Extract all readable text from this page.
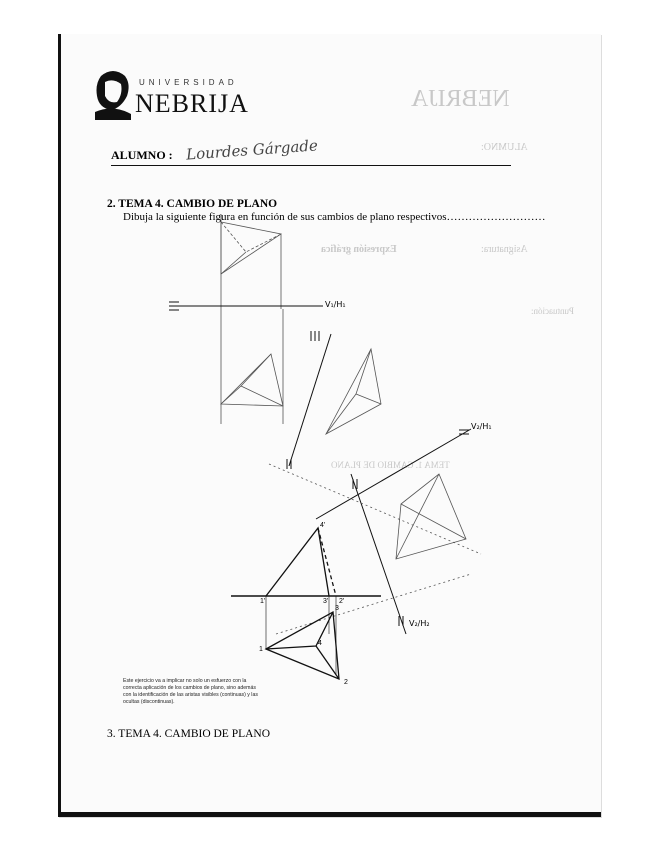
NEBRIJA
ALUMNO:
Asignatura:
Expresión gráfica
Puntuación:
TEMA 1. CAMBIO DE PLANO
UNIVERSIDAD
NEBRIJA
ALUMNO : Lourdes Gárgade
2. TEMA 4. CAMBIO DE PLANO
Dibuja la siguiente figura en función de sus cambios de plano respectivos………………………
V₁/H₁
V₂/H₁
V₂/H₂
1'	3' 2'
4'
1
2
3
4
Este ejercicio va a implicar no solo un esfuerzo con la correcta aplicación de los cambios de plano, sino además con la identificación de las aristas visibles (continuas) y las ocultas (discontinuas).
3. TEMA 4. CAMBIO DE PLANO
